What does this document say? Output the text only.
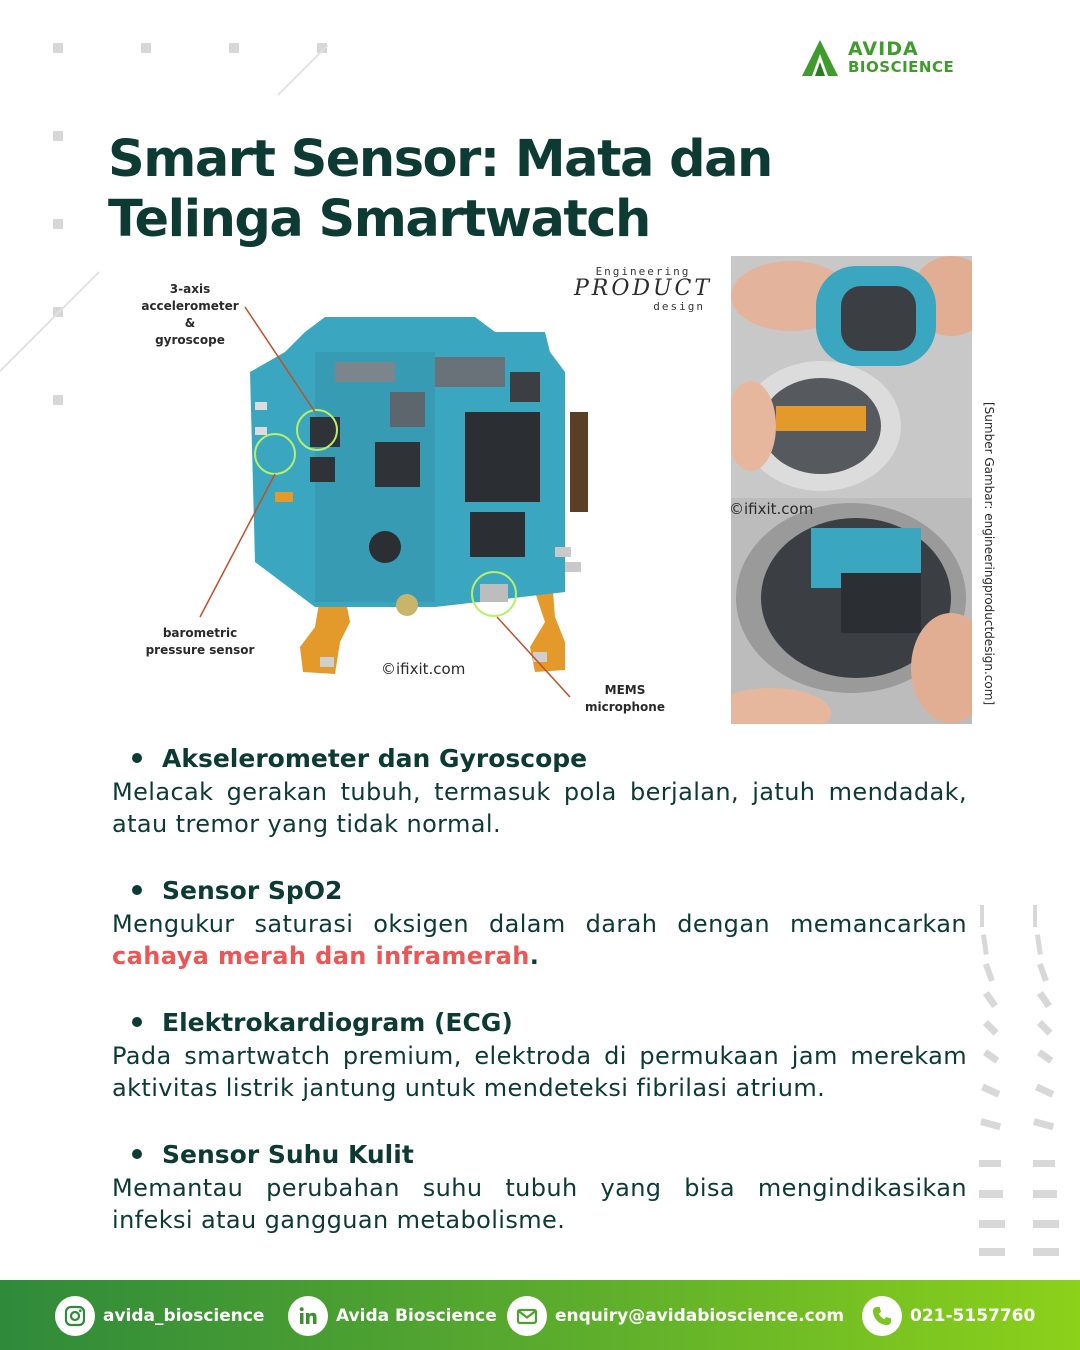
AVIDA
BIOSCIENCE
Smart Sensor: Mata dan
Telinga Smartwatch
3-axis
accelerometer &
gyroscope
barometric
pressure sensor
MEMS
microphone
Engineering
PRODUCT
design
©ifixit.com
©ifixit.com	[Sumber Gambar: engineeringproductdesign.com]
Akselerometer dan Gyroscope
Melacak gerakan tubuh, termasuk pola berjalan, jatuh mendadak, atau tremor yang tidak normal.
Sensor SpO2
Mengukur saturasi oksigen dalam darah dengan memancarkan cahaya merah dan inframerah.
Elektrokardiogram (ECG)
Pada smartwatch premium, elektroda di permukaan jam merekam aktivitas listrik jantung untuk mendeteksi fibrilasi atrium.
Sensor Suhu Kulit
Memantau perubahan suhu tubuh yang bisa mengindikasikan infeksi atau gangguan metabolisme.
avida_bioscience	Avida Bioscience	enquiry@avidabioscience.com	021-5157760
